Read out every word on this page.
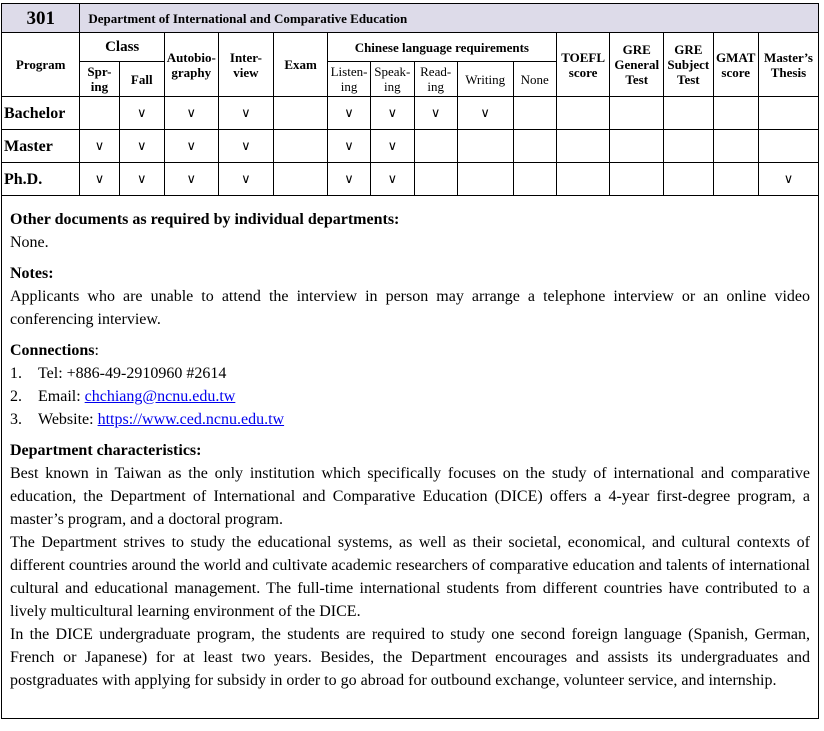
301	Department of International and Comparative Education														
Program	Class		Autobio-graphy	Inter-view	Exam	Chinese language requirements					TOEFL score	GRE General Test	GRE Subject Test	GMAT score	Master’s Thesis
	Spr-ing	Fall				Listen-ing	Speak-ing	Read-ing	Writing	None					
Bachelor		∨	∨	∨		∨	∨	∨	∨						
Master	∨	∨	∨	∨		∨	∨								
Ph.D.	∨	∨	∨	∨		∨	∨								∨
Other documents as required by individual departments:
None.
Notes:
Applicants who are unable to attend the interview in person may arrange a telephone interview or an online video conferencing interview.
Connections:
1. Tel: +886-49-2910960 #2614
2. Email: chchiang@ncnu.edu.tw
3. Website: https://www.ced.ncnu.edu.tw
Department characteristics:
Best known in Taiwan as the only institution which specifically focuses on the study of international and comparative education, the Department of International and Comparative Education (DICE) offers a 4-year first-degree program, a master’s program, and a doctoral program.
The Department strives to study the educational systems, as well as their societal, economical, and cultural contexts of different countries around the world and cultivate academic researchers of comparative education and talents of international cultural and educational management. The full-time international students from different countries have contributed to a lively multicultural learning environment of the DICE.
In the DICE undergraduate program, the students are required to study one second foreign language (Spanish, German, French or Japanese) for at least two years. Besides, the Department encourages and assists its undergraduates and postgraduates with applying for subsidy in order to go abroad for outbound exchange, volunteer service, and internship.
